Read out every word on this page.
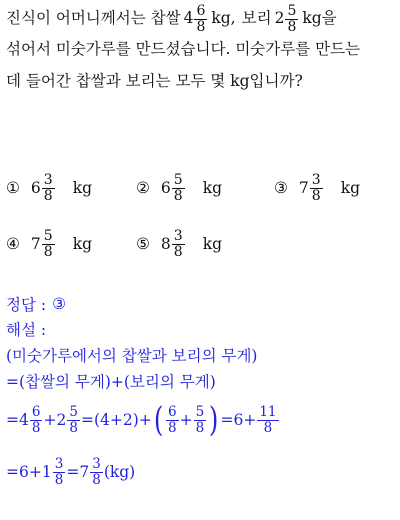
진식이 어머니께서는 찹쌀 $4 \frac{6}{8}$ kg, 보리 $2 \frac{5}{8}$ kg을
섞어서 미숫가루를 만드셨습니다. 미숫가루를 만드는
데 들어간 찹쌀과 보리는 모두 몇 kg입니까?
① $6 \frac{3}{8}$ kg	② $6 \frac{5}{8}$ kg	③ $7 \frac{3}{8}$ kg
④ $7 \frac{5}{8}$ kg	⑤ $8 \frac{3}{8}$ kg
정답 : ③
해설 :
(미숫가루에서의 찹쌀과 보리의 무게)
=(찹쌀의 무게)+(보리의 무게)
= $4 \frac{6}{8} + 2 \frac{5}{8} = (4+2)$ + ( $\frac{6}{8} + \frac{5}{8}$ ) = $6 + \frac{11}{8}$
= $6 + 1 \frac{3}{8} = 7 \frac{3}{8} (kg)$
